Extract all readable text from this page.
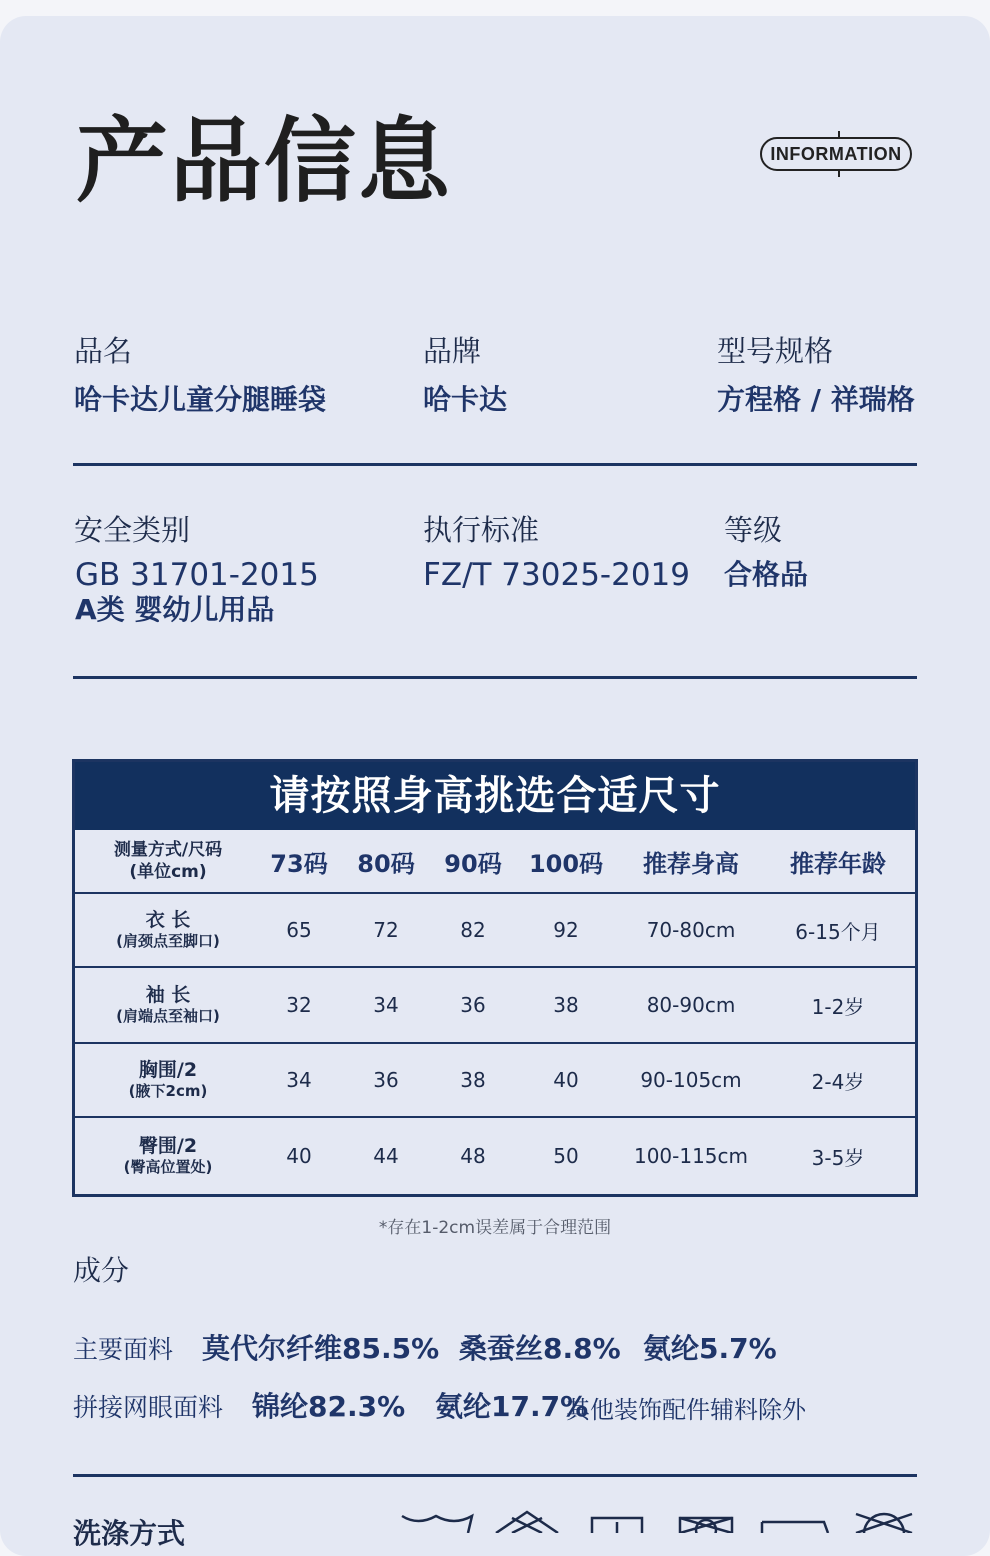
产品信息	INFORMATION
品名
哈卡达儿童分腿睡袋
品牌
哈卡达
型号规格
方程格 / 祥瑞格
安全类别
GB 31701-2015
A类 婴幼儿用品
执行标准
FZ/T 73025-2019
等级
合格品
请按照身高挑选合适尺寸
测量方式/尺码
(单位cm)	73码 80码 90码 100码 推荐身高 推荐年龄
衣 长
(肩颈点至脚口)	65	72	82	92	70-80cm	6-15个月
袖 长
(肩端点至袖口)	32	34	36	38	80-90cm	1-2岁
胸围/2
(腋下2cm)	34	36	38	40	90-105cm	2-4岁
臀围/2
(臀高位置处)	40	44	48	50	100-115cm	3-5岁
*存在1-2cm误差属于合理范围
成分
主要面料 莫代尔纤维85.5% 桑蚕丝8.8% 氨纶5.7%
拼接网眼面料 锦纶82.3% 氨纶17.7%
其他装饰配件辅料除外
洗涤方式
